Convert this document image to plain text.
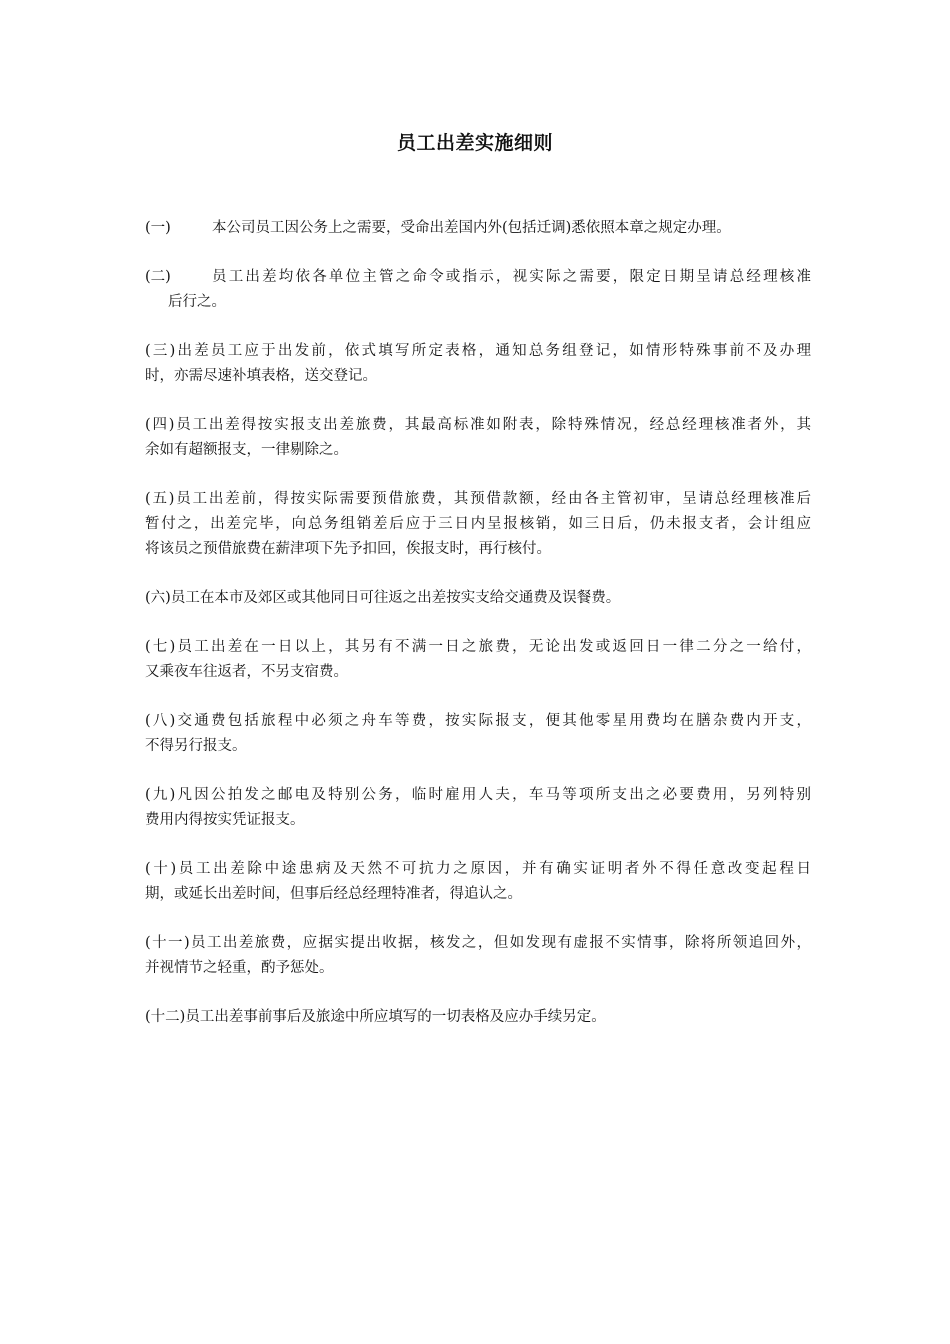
员工出差实施细则
(一)	本公司员工因公务上之需要，受命出差国内外(包括迁调)悉依照本章之规定办理。
(二)	员工出差均依各单位主管之命令或指示，视实际之需要，限定日期呈请总经理核准
后行之。
(三)出差员工应于出发前，依式填写所定表格，通知总务组登记，如情形特殊事前不及办理
时，亦需尽速补填表格，送交登记。
(四)员工出差得按实报支出差旅费，其最高标准如附表，除特殊情况，经总经理核准者外，其
余如有超额报支，一律剔除之。
(五)员工出差前，得按实际需要预借旅费，其预借款额，经由各主管初审，呈请总经理核准后
暂付之，出差完毕，向总务组销差后应于三日内呈报核销，如三日后，仍未报支者，会计组应
将该员之预借旅费在薪津项下先予扣回，俟报支时，再行核付。
(六)员工在本市及郊区或其他同日可往返之出差按实支给交通费及误餐费。
(七)员工出差在一日以上，其另有不满一日之旅费，无论出发或返回日一律二分之一给付，
又乘夜车往返者，不另支宿费。
(八)交通费包括旅程中必须之舟车等费，按实际报支，便其他零星用费均在膳杂费内开支，
不得另行报支。
(九)凡因公拍发之邮电及特别公务，临时雇用人夫，车马等项所支出之必要费用，另列特别
费用内得按实凭证报支。
(十)员工出差除中途患病及天然不可抗力之原因，并有确实证明者外不得任意改变起程日
期，或延长出差时间，但事后经总经理特准者，得追认之。
(十一)员工出差旅费，应据实提出收据，核发之，但如发现有虚报不实情事，除将所领追回外，
并视情节之轻重，酌予惩处。
(十二)员工出差事前事后及旅途中所应填写的一切表格及应办手续另定。
